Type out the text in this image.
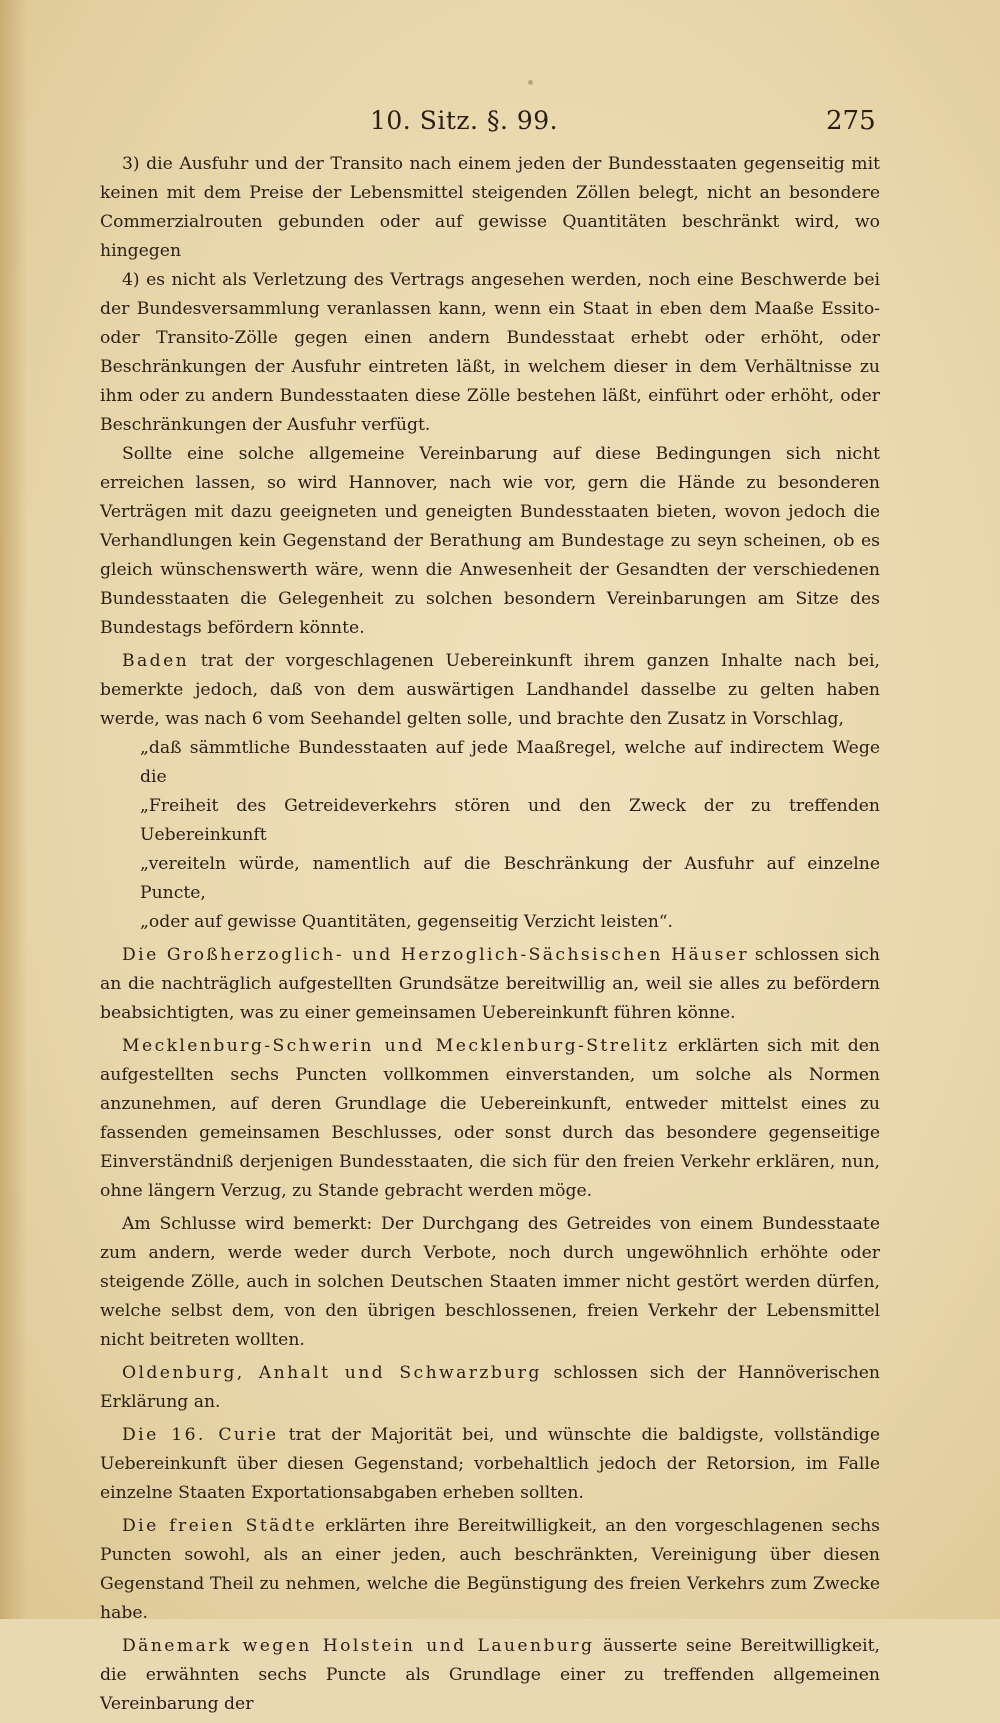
10. Sitz. §. 99.	275

3) die Ausfuhr und der Transito nach einem jeden der Bundesstaaten gegenseitig mit keinen mit dem Preise der Lebensmittel steigenden Zöllen belegt, nicht an besondere Commerzialrouten gebunden oder auf gewisse Quantitäten beschränkt wird, wo hingegen

4) es nicht als Verletzung des Vertrags angesehen werden, noch eine Beschwerde bei der Bundesversammlung veranlassen kann, wenn ein Staat in eben dem Maaße Essito- oder Transito-Zölle gegen einen andern Bundesstaat erhebt oder erhöht, oder Beschränkungen der Ausfuhr eintreten läßt, in welchem dieser in dem Verhältnisse zu ihm oder zu andern Bundesstaaten diese Zölle bestehen läßt, einführt oder erhöht, oder Beschränkungen der Ausfuhr verfügt.

Sollte eine solche allgemeine Vereinbarung auf diese Bedingungen sich nicht erreichen lassen, so wird Hannover, nach wie vor, gern die Hände zu besonderen Verträgen mit dazu geeigneten und geneigten Bundesstaaten bieten, wovon jedoch die Verhandlungen kein Gegenstand der Berathung am Bundestage zu seyn scheinen, ob es gleich wünschenswerth wäre, wenn die Anwesenheit der Gesandten der verschiedenen Bundesstaaten die Gelegenheit zu solchen besondern Vereinbarungen am Sitze des Bundestags befördern könnte.

Baden trat der vorgeschlagenen Uebereinkunft ihrem ganzen Inhalte nach bei, bemerkte jedoch, daß von dem auswärtigen Landhandel dasselbe zu gelten haben werde, was nach 6 vom Seehandel gelten solle, und brachte den Zusatz in Vorschlag,

„daß sämmtliche Bundesstaaten auf jede Maaßregel, welche auf indirectem Wege die
„Freiheit des Getreideverkehrs stören und den Zweck der zu treffenden Uebereinkunft
„vereiteln würde, namentlich auf die Beschränkung der Ausfuhr auf einzelne Puncte,
„oder auf gewisse Quantitäten, gegenseitig Verzicht leisten“.

Die Großherzoglich- und Herzoglich-Sächsischen Häuser schlossen sich an die nachträglich aufgestellten Grundsätze bereitwillig an, weil sie alles zu befördern beabsichtigten, was zu einer gemeinsamen Uebereinkunft führen könne.

Mecklenburg-Schwerin und Mecklenburg-Strelitz erklärten sich mit den aufgestellten sechs Puncten vollkommen einverstanden, um solche als Normen anzunehmen, auf deren Grundlage die Uebereinkunft, entweder mittelst eines zu fassenden gemeinsamen Beschlusses, oder sonst durch das besondere gegenseitige Einverständniß derjenigen Bundesstaaten, die sich für den freien Verkehr erklären, nun, ohne längern Verzug, zu Stande gebracht werden möge.

Am Schlusse wird bemerkt: Der Durchgang des Getreides von einem Bundesstaate zum andern, werde weder durch Verbote, noch durch ungewöhnlich erhöhte oder steigende Zölle, auch in solchen Deutschen Staaten immer nicht gestört werden dürfen, welche selbst dem, von den übrigen beschlossenen, freien Verkehr der Lebensmittel nicht beitreten wollten.

Oldenburg, Anhalt und Schwarzburg schlossen sich der Hannöverischen Erklärung an.

Die 16. Curie trat der Majorität bei, und wünschte die baldigste, vollständige Uebereinkunft über diesen Gegenstand; vorbehaltlich jedoch der Retorsion, im Falle einzelne Staaten Exportationsabgaben erheben sollten.

Die freien Städte erklärten ihre Bereitwilligkeit, an den vorgeschlagenen sechs Puncten sowohl, als an einer jeden, auch beschränkten, Vereinigung über diesen Gegenstand Theil zu nehmen, welche die Begünstigung des freien Verkehrs zum Zwecke habe.

Dänemark wegen Holstein und Lauenburg äusserte seine Bereitwilligkeit, die erwähnten sechs Puncte als Grundlage einer zu treffenden allgemeinen Vereinbarung der
